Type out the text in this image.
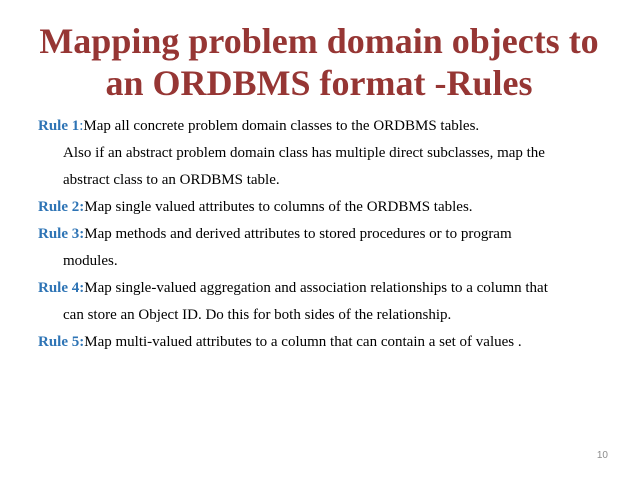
Mapping problem domain objects to
an ORDBMS format -Rules
Rule 1:Map all concrete problem domain classes to the ORDBMS tables.
Also if an abstract problem domain class has multiple direct subclasses, map the
abstract class to an ORDBMS table.
Rule 2:Map single valued attributes to columns of the ORDBMS tables.
Rule 3:Map methods and derived attributes to stored procedures or to program
modules.
Rule 4:Map single-valued aggregation and association relationships to a column that
can store an Object ID. Do this for both sides of the relationship.
Rule 5:Map multi-valued attributes to a column that can contain a set of values .
10
